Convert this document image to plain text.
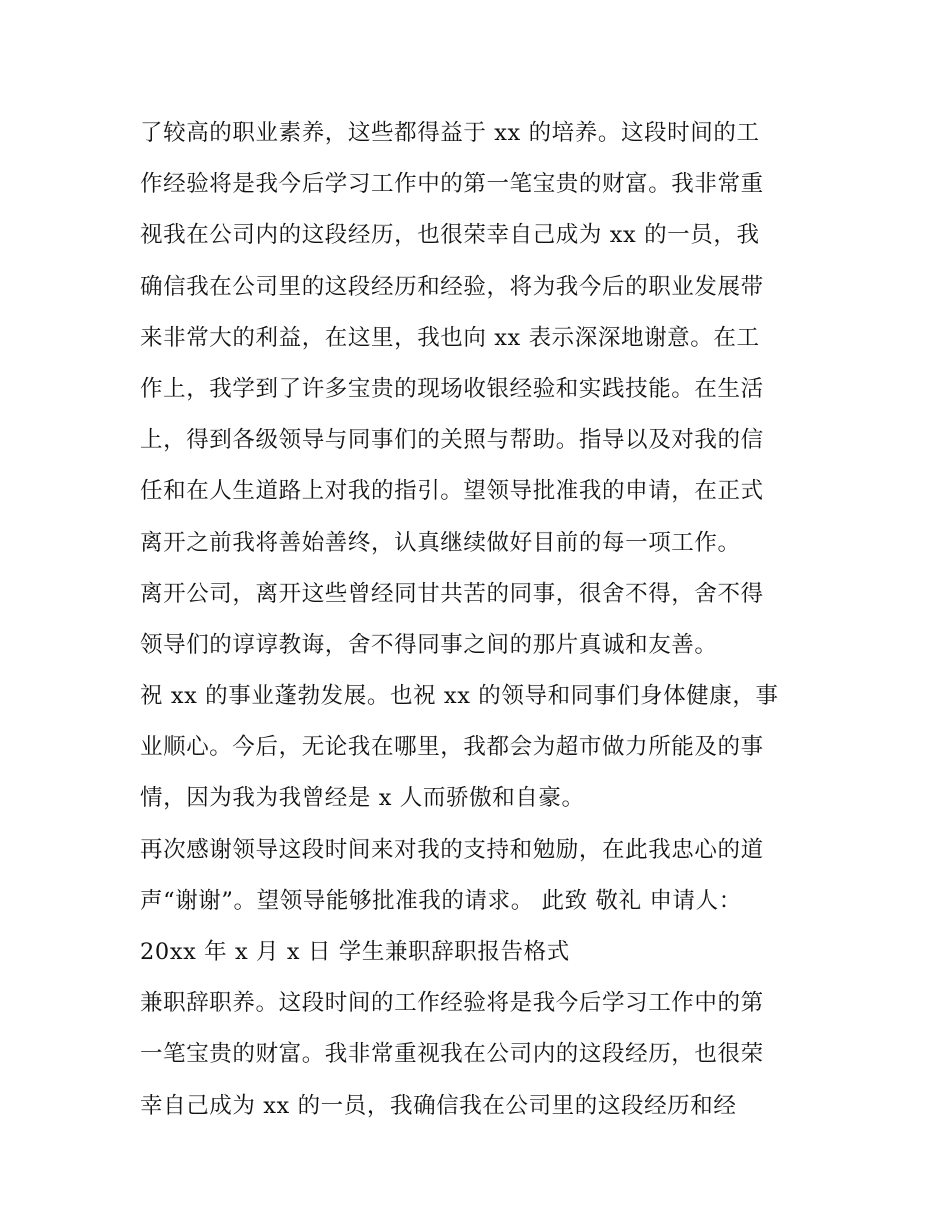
了较高的职业素养，这些都得益于 xx 的培养。这段时间的工
作经验将是我今后学习工作中的第一笔宝贵的财富。我非常重
视我在公司内的这段经历，也很荣幸自己成为 xx 的一员，我
确信我在公司里的这段经历和经验，将为我今后的职业发展带
来非常大的利益，在这里，我也向 xx 表示深深地谢意。在工
作上，我学到了许多宝贵的现场收银经验和实践技能。在生活
上，得到各级领导与同事们的关照与帮助。指导以及对我的信
任和在人生道路上对我的指引。望领导批准我的申请，在正式
离开之前我将善始善终，认真继续做好目前的每一项工作。
离开公司，离开这些曾经同甘共苦的同事，很舍不得，舍不得
领导们的谆谆教诲，舍不得同事之间的那片真诚和友善。
祝 xx 的事业蓬勃发展。也祝 xx 的领导和同事们身体健康，事
业顺心。今后，无论我在哪里，我都会为超市做力所能及的事
情，因为我为我曾经是 x 人而骄傲和自豪。
再次感谢领导这段时间来对我的支持和勉励，在此我忠心的道
声“谢谢”。望领导能够批准我的请求。 此致 敬礼 申请人：
20xx 年 x 月 x 日 学生兼职辞职报告格式
兼职辞职养。这段时间的工作经验将是我今后学习工作中的第
一笔宝贵的财富。我非常重视我在公司内的这段经历，也很荣
幸自己成为 xx 的一员，我确信我在公司里的这段经历和经
